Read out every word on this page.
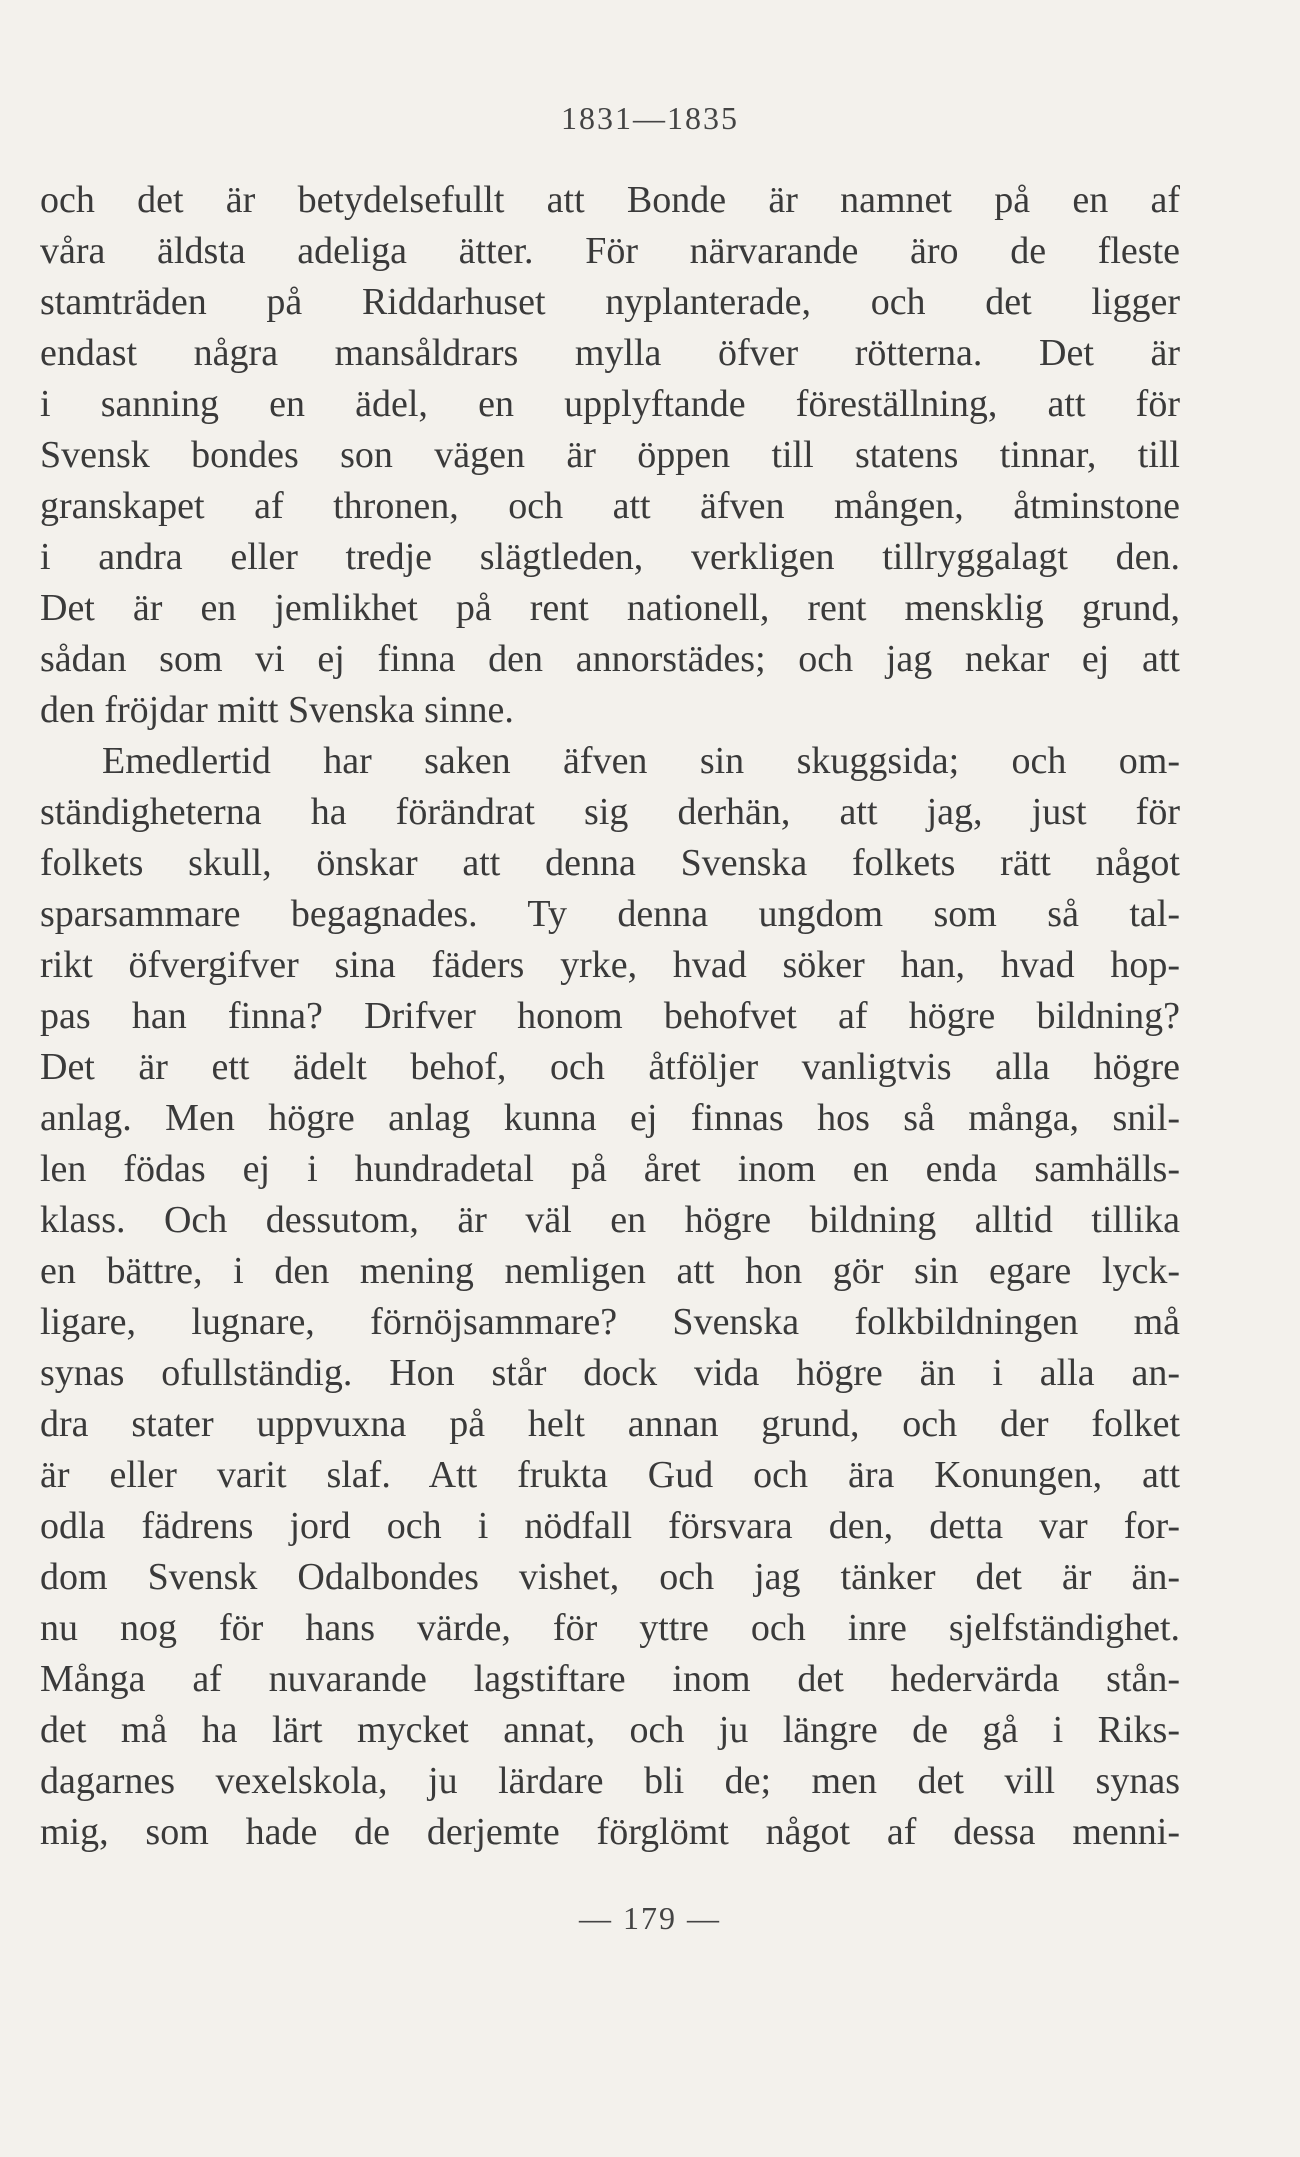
1831—1835
och det är betydelsefullt att Bonde är namnet på en af
våra äldsta adeliga ätter. För närvarande äro de fleste
stamträden på Riddarhuset nyplanterade, och det ligger
endast några mansåldrars mylla öfver rötterna. Det är
i sanning en ädel, en upplyftande föreställning, att för
Svensk bondes son vägen är öppen till statens tinnar, till
granskapet af thronen, och att äfven mången, åtminstone
i andra eller tredje slägtleden, verkligen tillryggalagt den.
Det är en jemlikhet på rent nationell, rent mensklig grund,
sådan som vi ej finna den annorstädes; och jag nekar ej att
den fröjdar mitt Svenska sinne.
Emedlertid har saken äfven sin skuggsida; och om-
ständigheterna ha förändrat sig derhän, att jag, just för
folkets skull, önskar att denna Svenska folkets rätt något
sparsammare begagnades. Ty denna ungdom som så tal-
rikt öfvergifver sina fäders yrke, hvad söker han, hvad hop-
pas han finna? Drifver honom behofvet af högre bildning?
Det är ett ädelt behof, och åtföljer vanligtvis alla högre
anlag. Men högre anlag kunna ej finnas hos så många, snil-
len födas ej i hundradetal på året inom en enda samhälls-
klass. Och dessutom, är väl en högre bildning alltid tillika
en bättre, i den mening nemligen att hon gör sin egare lyck-
ligare, lugnare, förnöjsammare? Svenska folkbildningen må
synas ofullständig. Hon står dock vida högre än i alla an-
dra stater uppvuxna på helt annan grund, och der folket
är eller varit slaf. Att frukta Gud och ära Konungen, att
odla fädrens jord och i nödfall försvara den, detta var for-
dom Svensk Odalbondes vishet, och jag tänker det är än-
nu nog för hans värde, för yttre och inre sjelfständighet.
Många af nuvarande lagstiftare inom det hedervärda stån-
det må ha lärt mycket annat, och ju längre de gå i Riks-
dagarnes vexelskola, ju lärdare bli de; men det vill synas
mig, som hade de derjemte förglömt något af dessa menni-
— 179 —
